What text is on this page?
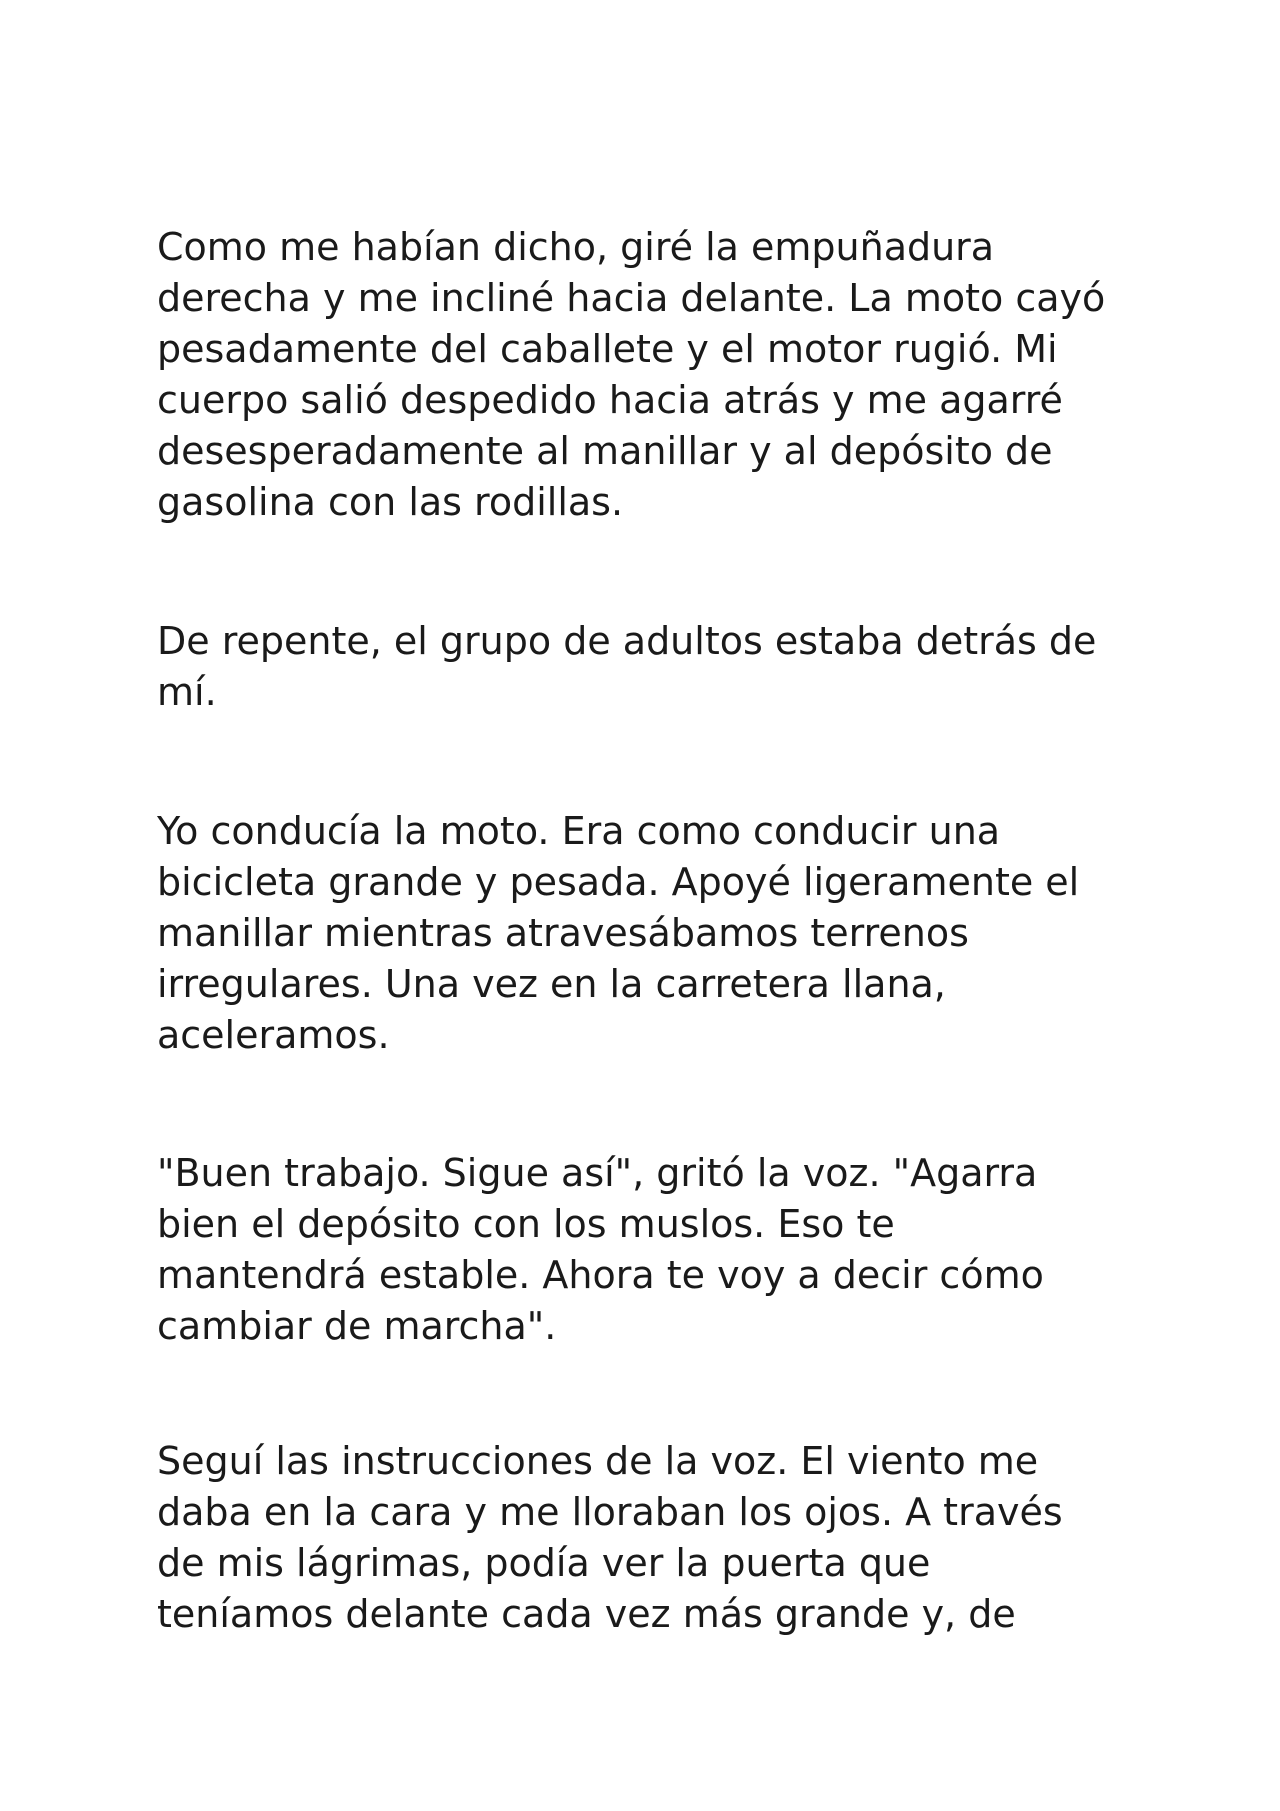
Como me habían dicho, giré la empuñadura
derecha y me incliné hacia delante. La moto cayó
pesadamente del caballete y el motor rugió. Mi
cuerpo salió despedido hacia atrás y me agarré
desesperadamente al manillar y al depósito de
gasolina con las rodillas.

De repente, el grupo de adultos estaba detrás de
mí.

Yo conducía la moto. Era como conducir una
bicicleta grande y pesada. Apoyé ligeramente el
manillar mientras atravesábamos terrenos
irregulares. Una vez en la carretera llana,
aceleramos.

"Buen trabajo. Sigue así", gritó la voz. "Agarra
bien el depósito con los muslos. Eso te
mantendrá estable. Ahora te voy a decir cómo
cambiar de marcha".

Seguí las instrucciones de la voz. El viento me
daba en la cara y me lloraban los ojos. A través
de mis lágrimas, podía ver la puerta que
teníamos delante cada vez más grande y, de
